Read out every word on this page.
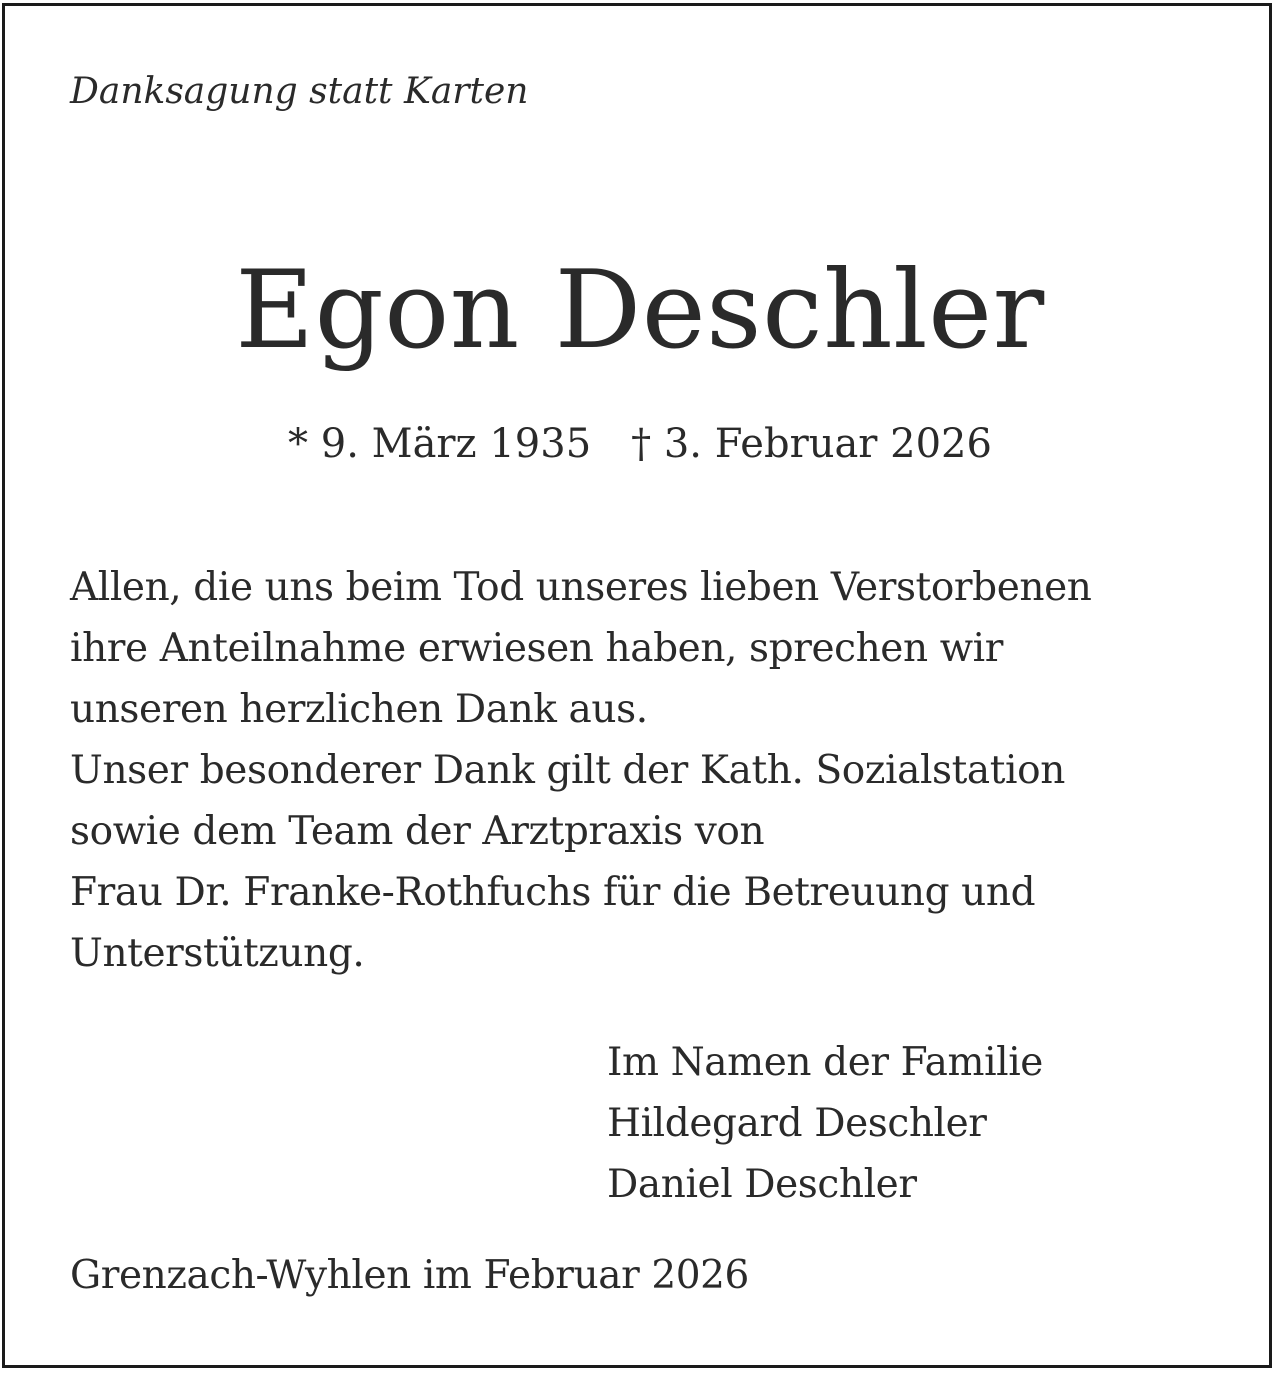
Danksagung statt Karten
Egon Deschler
* 9. März 1935 † 3. Februar 2026
Allen, die uns beim Tod unseres lieben Verstorbenen
ihre Anteilnahme erwiesen haben, sprechen wir
unseren herzlichen Dank aus.
Unser besonderer Dank gilt der Kath. Sozialstation
sowie dem Team der Arztpraxis von
Frau Dr. Franke-Rothfuchs für die Betreuung und
Unterstützung.
Im Namen der Familie
Hildegard Deschler
Daniel Deschler
Grenzach-Wyhlen im Februar 2026
